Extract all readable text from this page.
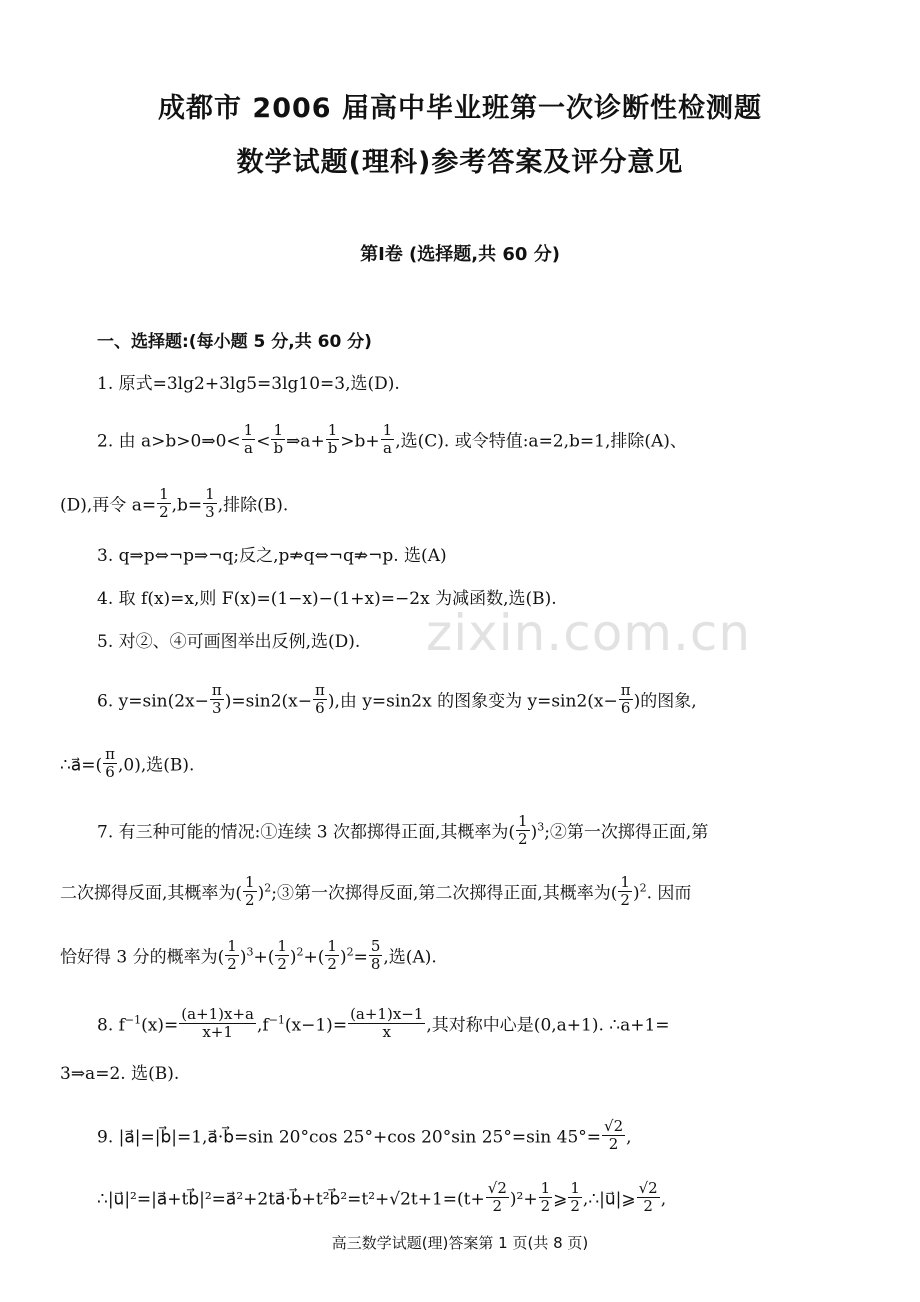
成都市 2006 届高中毕业班第一次诊断性检测题
数学试题(理科)参考答案及评分意见
第Ⅰ卷 (选择题,共 60 分)
一、选择题:(每小题 5 分,共 60 分)
1. 原式=3lg2+3lg5=3lg10=3,选(D).
2. 由 a>b>0⇒0< $\frac{1}{a} < \frac{1}{b}$ ⇒a+ $\frac{1}{b} >b+ \frac{1}{a}$ ,选(C). 或令特值:a=2,b=1,排除(A)、
(D),再令 $a= \frac{1}{2} ,b= \frac{1}{3}$ ,排除(B).
3. q⇒p⇔¬p⇒¬q;反之,p⇏q⇔¬q⇏¬p. 选(A)
4. 取 f(x)=x,则 F(x)=(1−x)−(1+x)=−2x 为减函数,选(B).
5. 对②、④可画图举出反例,选(D).
6. $y=\sin(2x- \frac{\pi}{3} )=\sin 2(x- \frac{\pi}{6}$ ),由 y=sin2x 的图象变为 $y=\sin 2(x- \frac{\pi}{6}$ )的图象,
∴a⃗=( $\frac{\pi}{6} ,0$),选(B).
7. 有三种可能的情况:①连续 3 次都掷得正面,其概率为( $\frac{1}{2}$ )$^3$;②第一次掷得正面,第
二次掷得反面,其概率为( $\frac{1}{2}$ )$^2$;③第一次掷得反面,第二次掷得正面,其概率为( $\frac{1}{2} )^2$. 因而
恰好得 3 分的概率为( $\frac{1}{2} )^3+( \frac{1}{2} )^2+( \frac{1}{2} )^2= \frac{5}{8}$ ,选(A).
8. $f^{-1}(x)= \frac{(a+1)x+a}{x+1} ,f^{-1}(x-1)= \frac{(a+1)x-1}{x}$ ,其对称中心是(0,a+1). ∴a+1=
3⇒a=2. 选(B).
9. |a⃗|=|b⃗|=1,a⃗·b⃗=sin 20°cos 25°+cos 20°sin 25°=sin $45^\circ= \frac{√2}{2}$ ,
∴|u⃗|²=|a⃗+tb⃗|²=a⃗²+2ta⃗·b⃗+t²b⃗²=t²+√2t+1=(t+ $\frac{√2}{2} )^2+ \frac{1}{2}$ ⩾ $\frac{1}{2}$ ,∴|u⃗|⩾ $\frac{√2}{2}$ ,
zixin.com.cn
高三数学试题(理)答案第 1 页(共 8 页)
